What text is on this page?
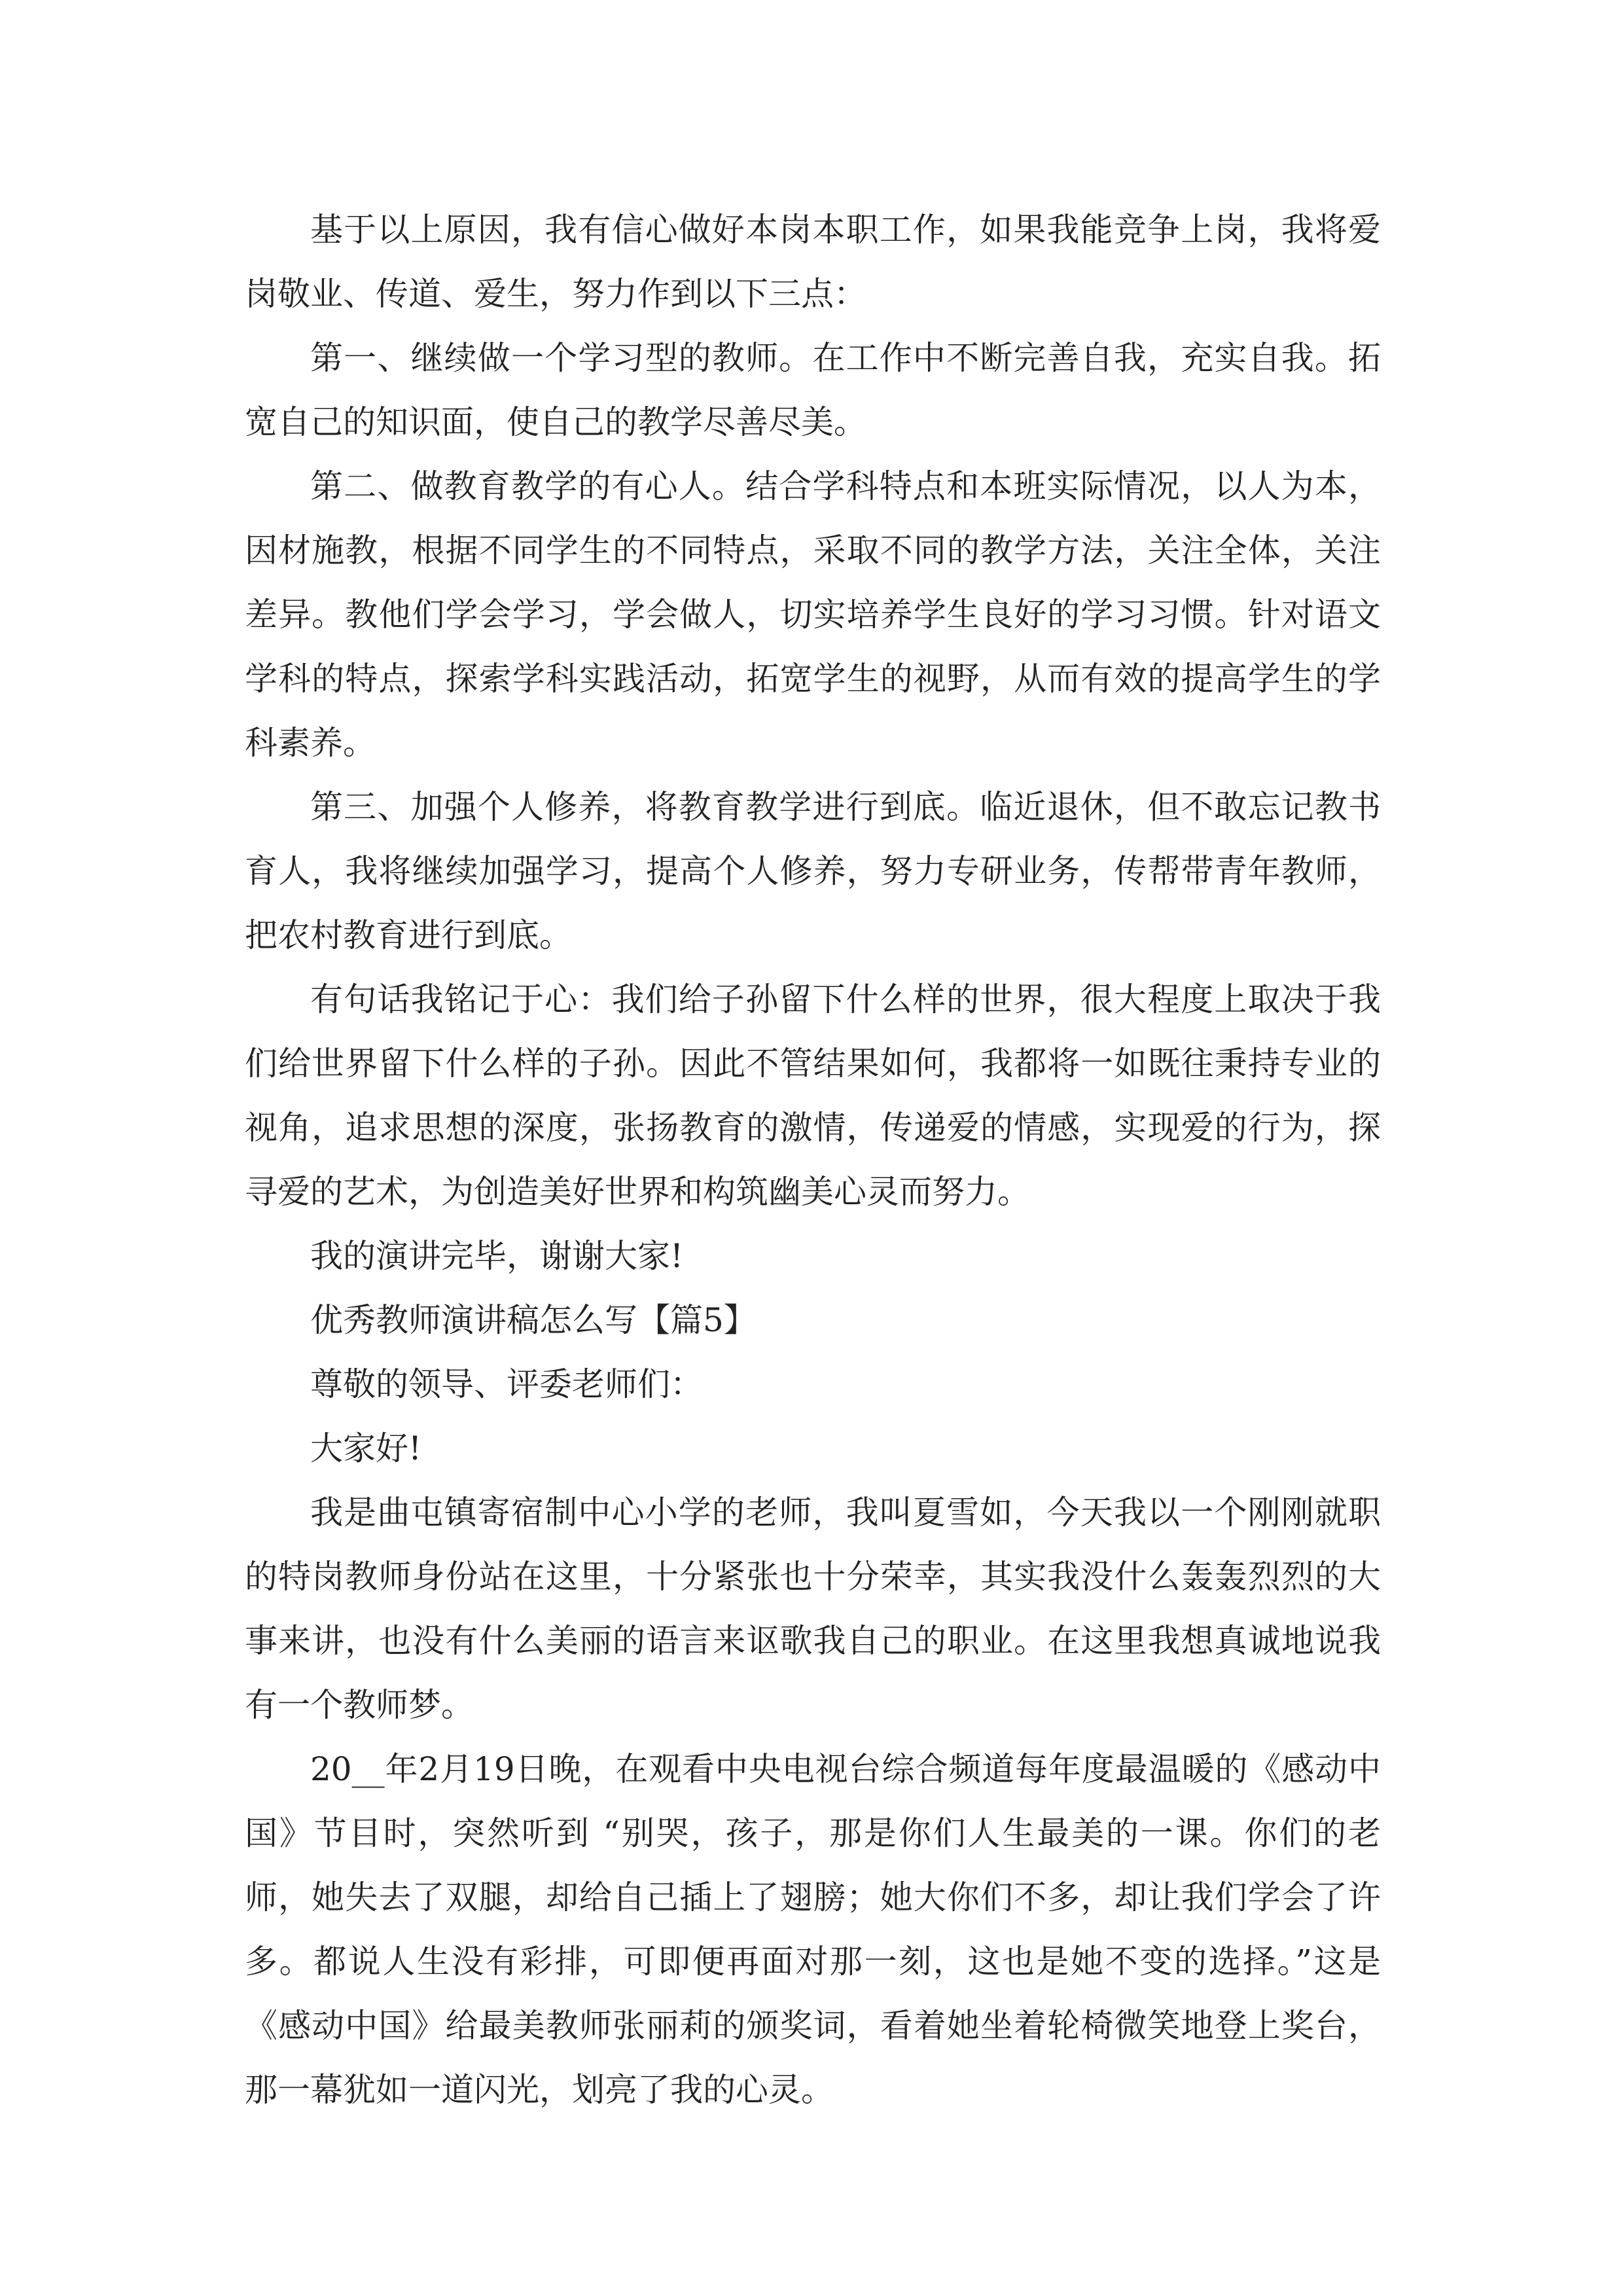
基于以上原因，我有信心做好本岗本职工作，如果我能竞争上岗，我将爱岗敬业、传道、爱生，努力作到以下三点：

第一、继续做一个学习型的教师。在工作中不断完善自我，充实自我。拓宽自己的知识面，使自己的教学尽善尽美。

第二、做教育教学的有心人。结合学科特点和本班实际情况，以人为本，因材施教，根据不同学生的不同特点，采取不同的教学方法，关注全体，关注差异。教他们学会学习，学会做人，切实培养学生良好的学习习惯。针对语文学科的特点，探索学科实践活动，拓宽学生的视野，从而有效的提高学生的学科素养。

第三、加强个人修养，将教育教学进行到底。临近退休，但不敢忘记教书育人，我将继续加强学习，提高个人修养，努力专研业务，传帮带青年教师，把农村教育进行到底。

有句话我铭记于心：我们给子孙留下什么样的世界，很大程度上取决于我们给世界留下什么样的子孙。因此不管结果如何，我都将一如既往秉持专业的视角，追求思想的深度，张扬教育的激情，传递爱的情感，实现爱的行为，探寻爱的艺术，为创造美好世界和构筑幽美心灵而努力。

我的演讲完毕，谢谢大家!

优秀教师演讲稿怎么写【篇5】

尊敬的领导、评委老师们：

大家好!

我是曲屯镇寄宿制中心小学的老师，我叫夏雪如，今天我以一个刚刚就职的特岗教师身份站在这里，十分紧张也十分荣幸，其实我没什么轰轰烈烈的大事来讲，也没有什么美丽的语言来讴歌我自己的职业。在这里我想真诚地说我有一个教师梦。

20__年2月19日晚，在观看中央电视台综合频道每年度最温暖的《感动中国》节目时，突然听到 “别哭，孩子，那是你们人生最美的一课。你们的老师，她失去了双腿，却给自己插上了翅膀；她大你们不多，却让我们学会了许多。都说人生没有彩排，可即便再面对那一刻，这也是她不变的选择。”这是《感动中国》给最美教师张丽莉的颁奖词，看着她坐着轮椅微笑地登上奖台，那一幕犹如一道闪光，划亮了我的心灵。
